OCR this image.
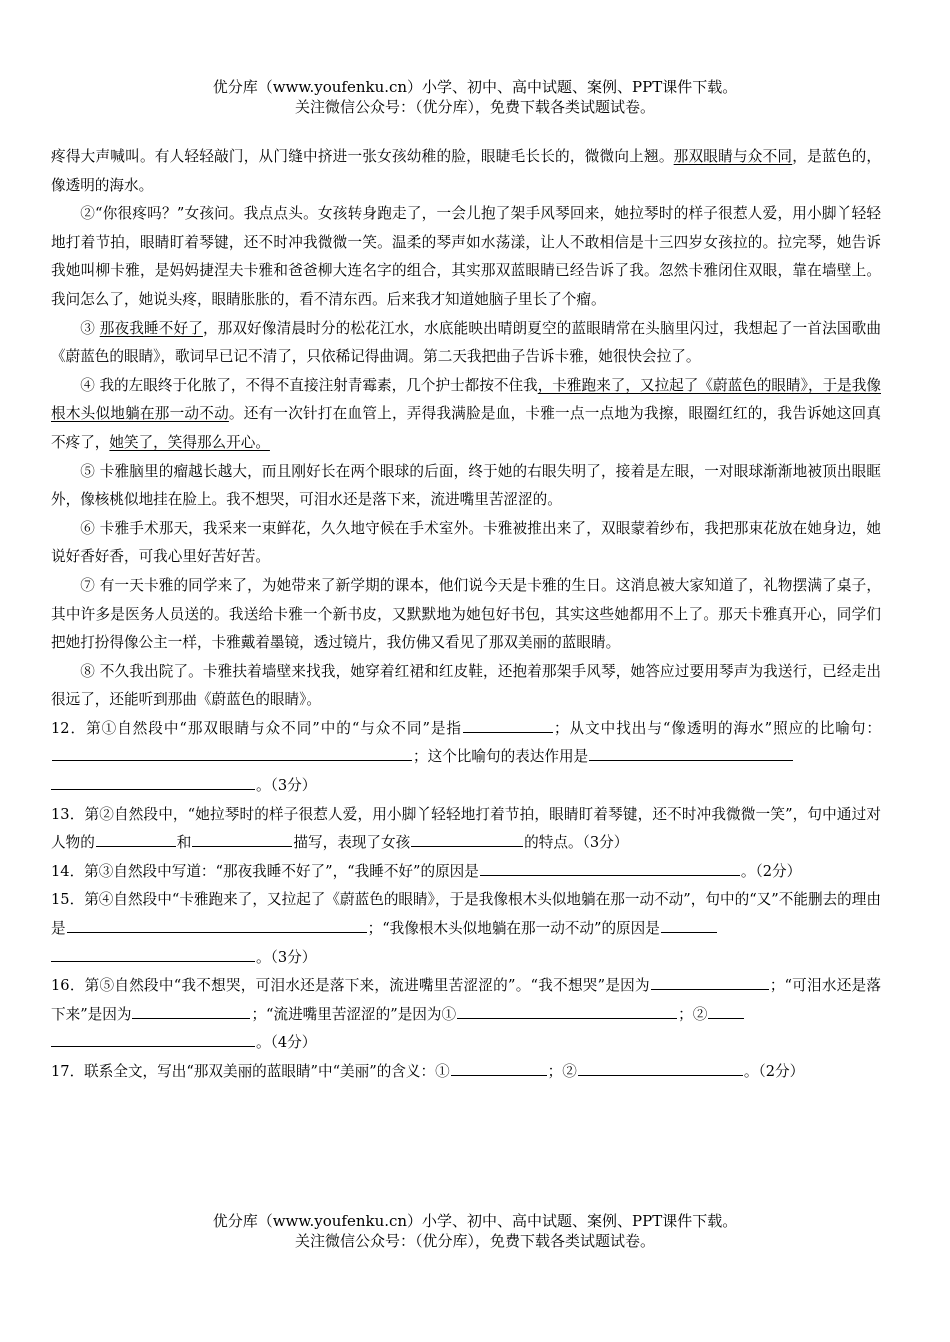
优分库（www.youfenku.cn）小学、初中、高中试题、案例、PPT课件下载。
关注微信公众号：（优分库），免费下载各类试题试卷。
疼得大声喊叫。有人轻轻敲门，从门缝中挤进一张女孩幼稚的脸，眼睫毛长长的，微微向上翘。那双眼睛与众不同，是蓝色的，像透明的海水。
②“你很疼吗？”女孩问。我点点头。女孩转身跑走了，一会儿抱了架手风琴回来，她拉琴时的样子很惹人爱，用小脚丫轻轻地打着节拍，眼睛盯着琴键，还不时冲我微微一笑。温柔的琴声如水荡漾，让人不敢相信是十三四岁女孩拉的。拉完琴，她告诉我她叫柳卡雅，是妈妈捷涅夫卡雅和爸爸柳大连名字的组合，其实那双蓝眼睛已经告诉了我。忽然卡雅闭住双眼，靠在墙壁上。我问怎么了，她说头疼，眼睛胀胀的，看不清东西。后来我才知道她脑子里长了个瘤。
③ 那夜我睡不好了，那双好像清晨时分的松花江水，水底能映出晴朗夏空的蓝眼睛常在头脑里闪过，我想起了一首法国歌曲《蔚蓝色的眼睛》，歌词早已记不清了，只依稀记得曲调。第二天我把曲子告诉卡雅，她很快会拉了。
④ 我的左眼终于化脓了，不得不直接注射青霉素，几个护士都按不住我，卡雅跑来了，又拉起了《蔚蓝色的眼睛》，于是我像根木头似地躺在那一动不动。还有一次针打在血管上，弄得我满脸是血，卡雅一点一点地为我擦，眼圈红红的，我告诉她这回真不疼了，她笑了，笑得那么开心。
⑤ 卡雅脑里的瘤越长越大，而且刚好长在两个眼球的后面，终于她的右眼失明了，接着是左眼，一对眼球渐渐地被顶出眼眶外，像核桃似地挂在脸上。我不想哭，可泪水还是落下来，流进嘴里苦涩涩的。
⑥ 卡雅手术那天，我采来一束鲜花，久久地守候在手术室外。卡雅被推出来了，双眼蒙着纱布，我把那束花放在她身边，她说好香好香，可我心里好苦好苦。
⑦ 有一天卡雅的同学来了，为她带来了新学期的课本，他们说今天是卡雅的生日。这消息被大家知道了，礼物摆满了桌子，其中许多是医务人员送的。我送给卡雅一个新书皮，又默默地为她包好书包，其实这些她都用不上了。那天卡雅真开心，同学们把她打扮得像公主一样，卡雅戴着墨镜，透过镜片，我仿佛又看见了那双美丽的蓝眼睛。
⑧ 不久我出院了。卡雅扶着墙壁来找我，她穿着红裙和红皮鞋，还抱着那架手风琴，她答应过要用琴声为我送行，已经走出很远了，还能听到那曲《蔚蓝色的眼睛》。
12．第①自然段中“那双眼睛与众不同”中的“与众不同”是指	；从文中找出与“像透明的海水”照应的比喻句：；这个比喻句的表达作用是
。（3分）
13．第②自然段中，“她拉琴时的样子很惹人爱，用小脚丫轻轻地打着节拍，眼睛盯着琴键，还不时冲我微微一笑”，句中通过对人物的	和	描写，表现了女孩	的特点。（3分）
14．第③自然段中写道：“那夜我睡不好了”，“我睡不好”的原因是	。（2分）
15．第④自然段中“卡雅跑来了，又拉起了《蔚蓝色的眼睛》，于是我像根木头似地躺在那一动不动”，句中的“又”不能删去的理由是	；“我像根木头似地躺在那一动不动”的原因是
。（3分）
16．第⑤自然段中“我不想哭，可泪水还是落下来，流进嘴里苦涩涩的”。“我不想哭”是因为	；“可泪水还是落下来”是因为	；“流进嘴里苦涩涩的”是因为①	；②
。（4分）
17．联系全文，写出“那双美丽的蓝眼睛”中“美丽”的含义：①	；②	。（2分）
优分库（www.youfenku.cn）小学、初中、高中试题、案例、PPT课件下载。
关注微信公众号：（优分库），免费下载各类试题试卷。
